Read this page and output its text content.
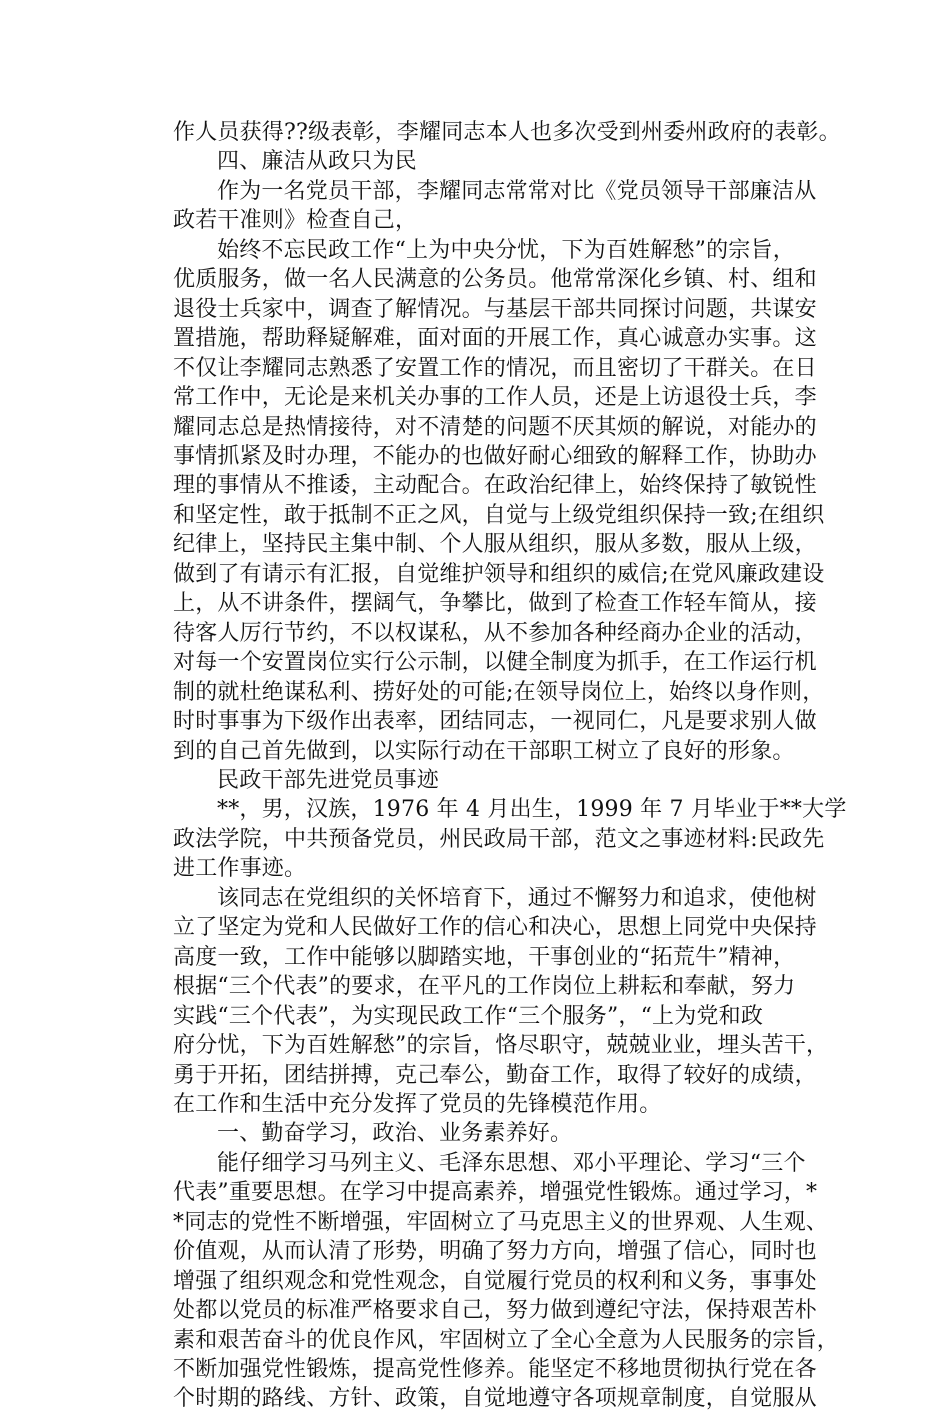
作人员获得??级表彰，李耀同志本人也多次受到州委州政府的表彰。
四、廉洁从政只为民
作为一名党员干部，李耀同志常常对比《党员领导干部廉洁从
政若干准则》检查自己，
始终不忘民政工作“上为中央分忧，下为百姓解愁”的宗旨，
优质服务，做一名人民满意的公务员。他常常深化乡镇、村、组和
退役士兵家中，调查了解情况。与基层干部共同探讨问题，共谋安
置措施，帮助释疑解难，面对面的开展工作，真心诚意办实事。这
不仅让李耀同志熟悉了安置工作的情况，而且密切了干群关。在日
常工作中，无论是来机关办事的工作人员，还是上访退役士兵，李
耀同志总是热情接待，对不清楚的问题不厌其烦的解说，对能办的
事情抓紧及时办理，不能办的也做好耐心细致的解释工作，协助办
理的事情从不推诿，主动配合。在政治纪律上，始终保持了敏锐性
和坚定性，敢于抵制不正之风，自觉与上级党组织保持一致;在组织
纪律上，坚持民主集中制、个人服从组织，服从多数，服从上级，
做到了有请示有汇报，自觉维护领导和组织的威信;在党风廉政建设
上，从不讲条件，摆阔气，争攀比，做到了检查工作轻车简从，接
待客人厉行节约，不以权谋私，从不参加各种经商办企业的活动，
对每一个安置岗位实行公示制，以健全制度为抓手，在工作运行机
制的就杜绝谋私利、捞好处的可能;在领导岗位上，始终以身作则，
时时事事为下级作出表率，团结同志，一视同仁，凡是要求别人做
到的自己首先做到，以实际行动在干部职工树立了良好的形象。
民政干部先进党员事迹
**，男，汉族，1976 年 4 月出生，1999 年 7 月毕业于**大学
政法学院，中共预备党员，州民政局干部，范文之事迹材料:民政先
进工作事迹。
该同志在党组织的关怀培育下，通过不懈努力和追求，使他树
立了坚定为党和人民做好工作的信心和决心，思想上同党中央保持
高度一致，工作中能够以脚踏实地，干事创业的“拓荒牛”精神，
根据“三个代表”的要求，在平凡的工作岗位上耕耘和奉献，努力
实践“三个代表”，为实现民政工作“三个服务”，“上为党和政
府分忧，下为百姓解愁”的宗旨，恪尽职守，兢兢业业，埋头苦干，
勇于开拓，团结拼搏，克己奉公，勤奋工作，取得了较好的成绩，
在工作和生活中充分发挥了党员的先锋模范作用。
一、勤奋学习，政治、业务素养好。
能仔细学习马列主义、毛泽东思想、邓小平理论、学习“三个
代表”重要思想。在学习中提高素养，增强党性锻炼。通过学习，*
*同志的党性不断增强，牢固树立了马克思主义的世界观、人生观、
价值观，从而认清了形势，明确了努力方向，增强了信心，同时也
增强了组织观念和党性观念，自觉履行党员的权利和义务，事事处
处都以党员的标准严格要求自己，努力做到遵纪守法，保持艰苦朴
素和艰苦奋斗的优良作风，牢固树立了全心全意为人民服务的宗旨，
不断加强党性锻炼，提高党性修养。能坚定不移地贯彻执行党在各
个时期的路线、方针、政策，自觉地遵守各项规章制度，自觉服从
